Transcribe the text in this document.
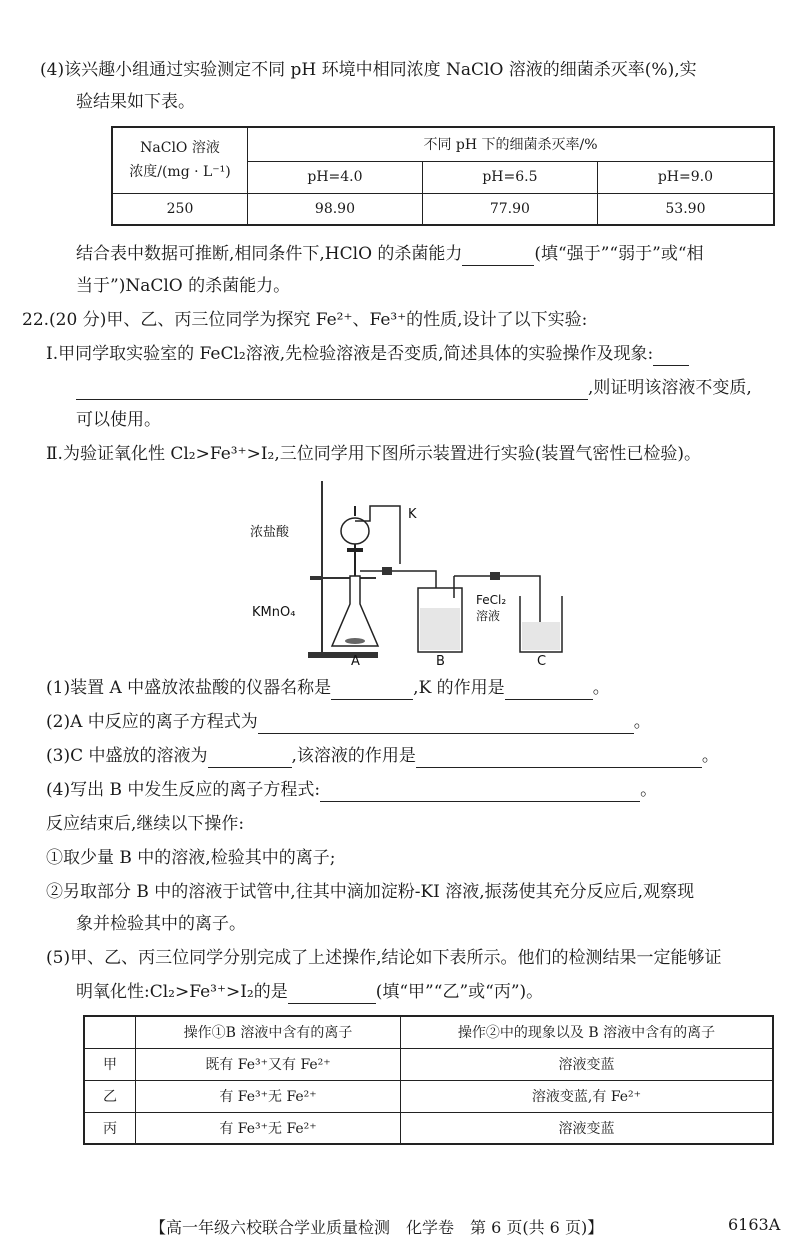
(4)该兴趣小组通过实验测定不同 pH 环境中相同浓度 NaClO 溶液的细菌杀灭率(%),实
验结果如下表。
NaClO 溶液
浓度/(mg · L⁻¹)	不同 pH 下的细菌杀灭率/%		
	pH=4.0	pH=6.5	pH=9.0
250	98.90	77.90	53.90
结合表中数据可推断,相同条件下,HClO 的杀菌能力	(填“强于”“弱于”或“相
当于”)NaClO 的杀菌能力。
22.(20 分)甲、乙、丙三位同学为探究 Fe²⁺、Fe³⁺的性质,设计了以下实验:
Ⅰ.甲同学取实验室的 FeCl₂溶液,先检验溶液是否变质,简述具体的实验操作及现象:
,则证明该溶液不变质,
可以使用。
Ⅱ.为验证氧化性 Cl₂>Fe³⁺>I₂,三位同学用下图所示装置进行实验(装置气密性已检验)。
浓盐酸
K
KMnO₄
FeCl₂
溶液
A	B	C
(1)装置 A 中盛放浓盐酸的仪器名称是	,K 的作用是	。
(2)A 中反应的离子方程式为	。
(3)C 中盛放的溶液为	,该溶液的作用是	。
(4)写出 B 中发生反应的离子方程式:	。
反应结束后,继续以下操作:
①取少量 B 中的溶液,检验其中的离子;
②另取部分 B 中的溶液于试管中,往其中滴加淀粉-KI 溶液,振荡使其充分反应后,观察现
象并检验其中的离子。
(5)甲、乙、丙三位同学分别完成了上述操作,结论如下表所示。他们的检测结果一定能够证
明氧化性:Cl₂>Fe³⁺>I₂的是	(填“甲”“乙”或“丙”)。
	操作①B 溶液中含有的离子	操作②中的现象以及 B 溶液中含有的离子
甲	既有 Fe³⁺又有 Fe²⁺	溶液变蓝
乙	有 Fe³⁺无 Fe²⁺	溶液变蓝,有 Fe²⁺
丙	有 Fe³⁺无 Fe²⁺	溶液变蓝
【高一年级六校联合学业质量检测　化学卷　第 6 页(共 6 页)】	6163A
